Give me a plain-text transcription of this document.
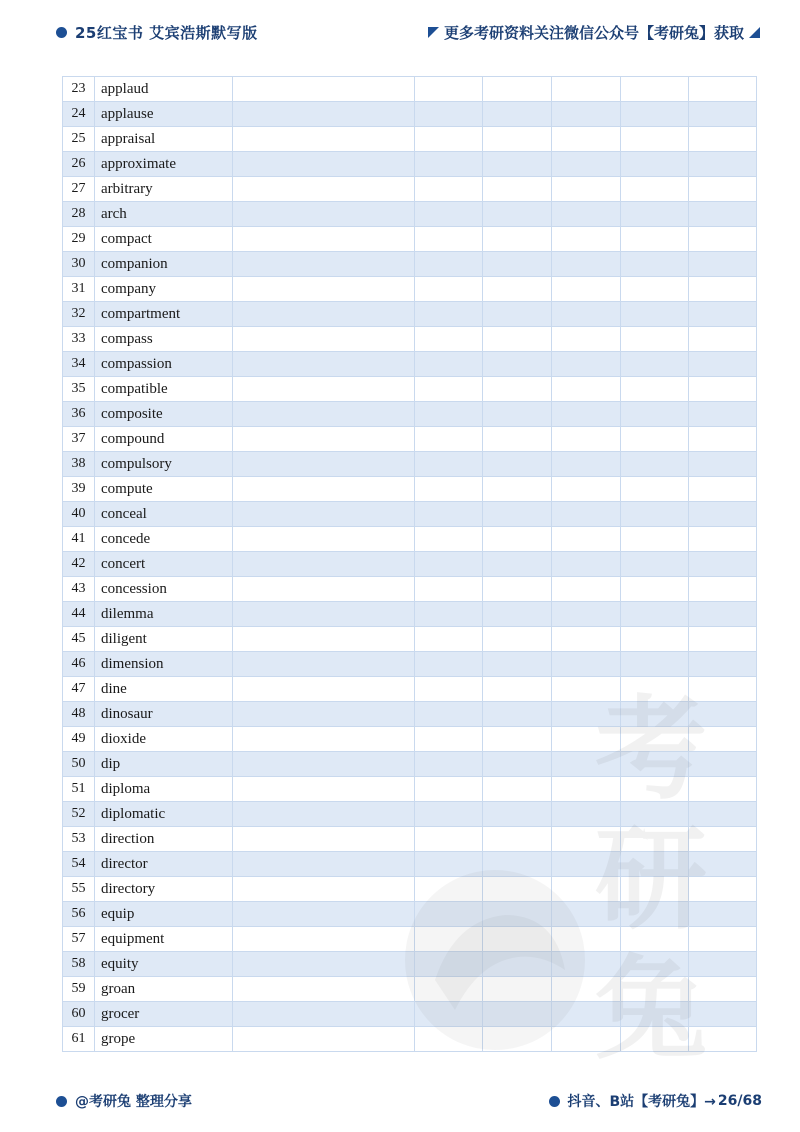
25红宝书 艾宾浩斯默写版	更多考研资料关注微信公众号【考研兔】获取
23	applaud						
24	applause						
25	appraisal						
26	approximate						
27	arbitrary						
28	arch						
29	compact						
30	companion						
31	company						
32	compartment						
33	compass						
34	compassion						
35	compatible						
36	composite						
37	compound						
38	compulsory						
39	compute						
40	conceal						
41	concede						
42	concert						
43	concession						
44	dilemma						
45	diligent						
46	dimension						
47	dine						
48	dinosaur						
49	dioxide						
50	dip						
51	diploma						
52	diplomatic						
53	direction						
54	director						
55	directory						
56	equip						
57	equipment						
58	equity						
59	groan						
60	grocer						
61	grope						
@考研兔 整理分享	抖音、B站【考研兔】→ 26/68
